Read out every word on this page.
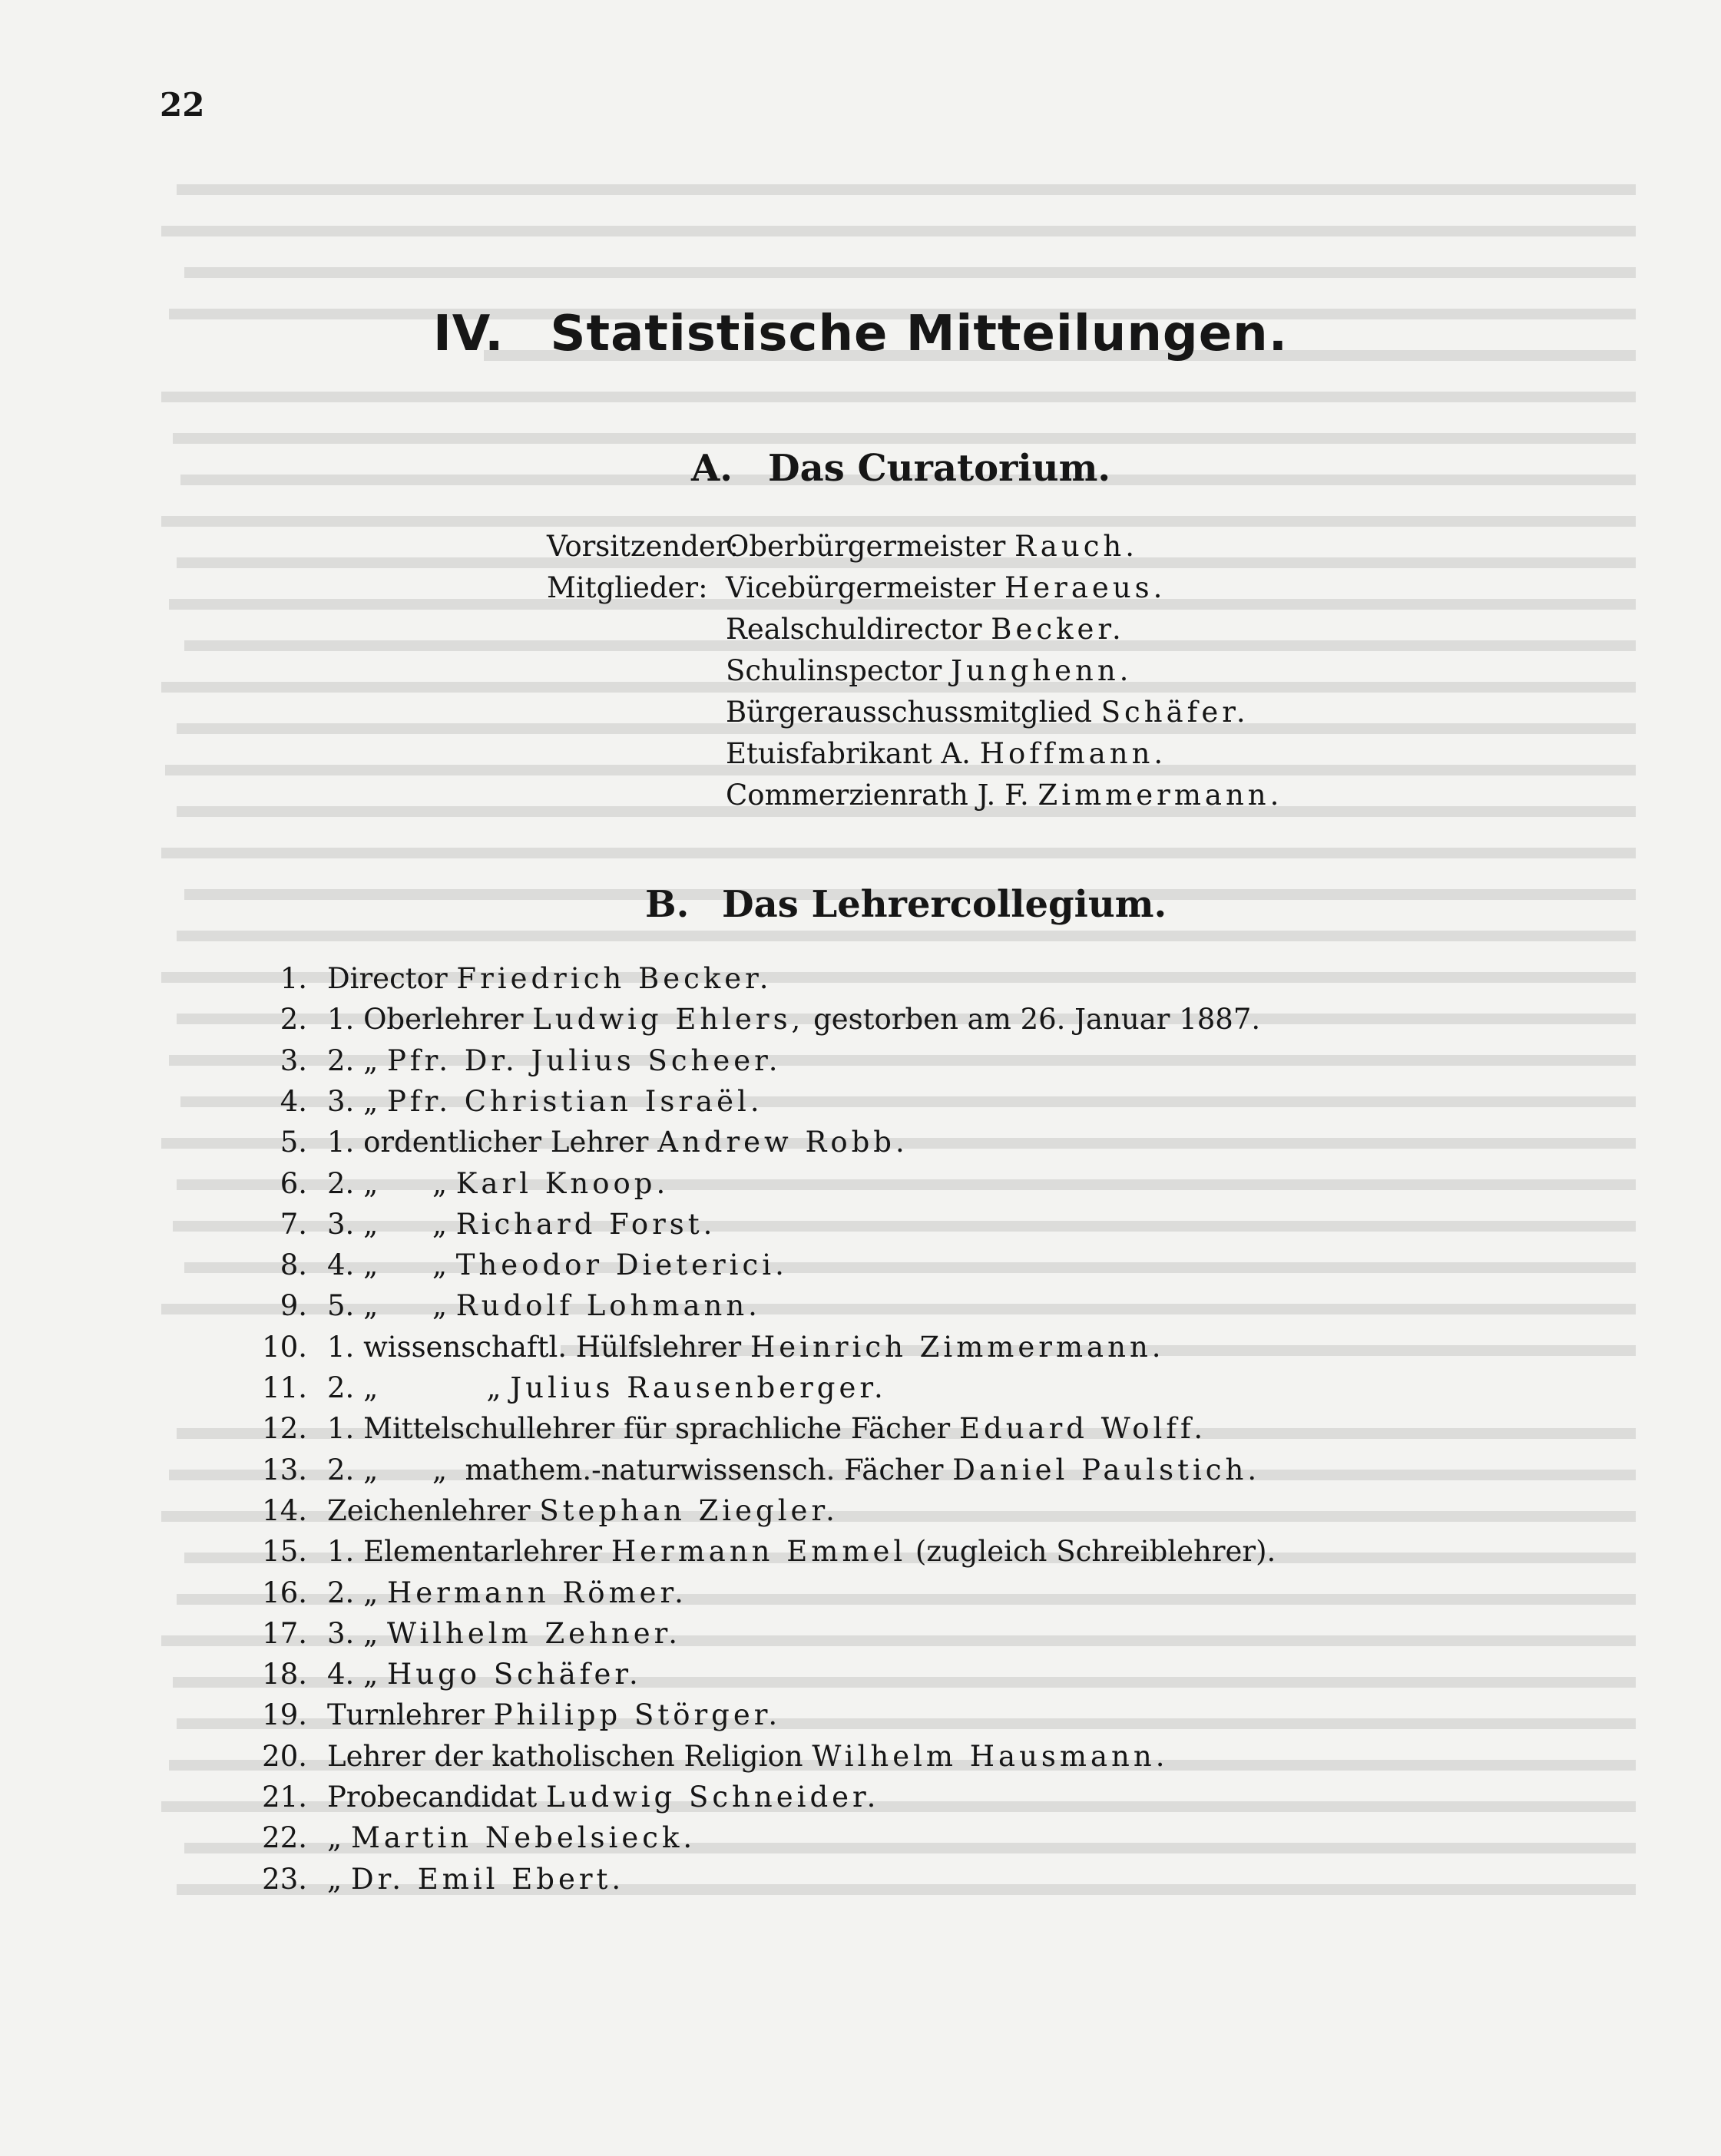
22
IV. Statistische Mitteilungen.
A. Das Curatorium.
Vorsitzender:
Oberbürgermeister Rauch.
Mitglieder: Vicebürgermeister Heraeus.
Realschuldirector Becker.
Schulinspector Junghenn.
Bürgerausschussmitglied Schäfer.
Etuisfabrikant A. Hoffmann.
Commerzienrath J. F. Zimmermann.
B. Das Lehrercollegium.
1. Director Friedrich Becker.
2. 1. Oberlehrer Ludwig Ehlers, gestorben am 26. Januar 1887.
3. 2. „ Pfr. Dr. Julius Scheer.
4. 3. „ Pfr. Christian Israël.
5. 1. ordentlicher Lehrer Andrew Robb.
6. 2. „      „ Karl Knoop.
7. 3. „      „ Richard Forst.
8. 4. „      „ Theodor Dieterici.
9. 5. „      „ Rudolf Lohmann.
10. 1. wissenschaftl. Hülfslehrer Heinrich Zimmermann.
11. 2. „            „ Julius Rausenberger.
12. 1. Mittelschullehrer für sprachliche Fächer Eduard Wolff.
13. 2. „      „  mathem.-naturwissensch. Fächer Daniel Paulstich.
14. Zeichenlehrer Stephan Ziegler.
15. 1. Elementarlehrer Hermann Emmel (zugleich Schreiblehrer).
16. 2. „ Hermann Römer.
17. 3. „ Wilhelm Zehner.
18. 4. „ Hugo Schäfer.
19. Turnlehrer Philipp Störger.
20. Lehrer der katholischen Religion Wilhelm Hausmann.
21. Probecandidat Ludwig Schneider.
22. „ Martin Nebelsieck.
23. „ Dr. Emil Ebert.
